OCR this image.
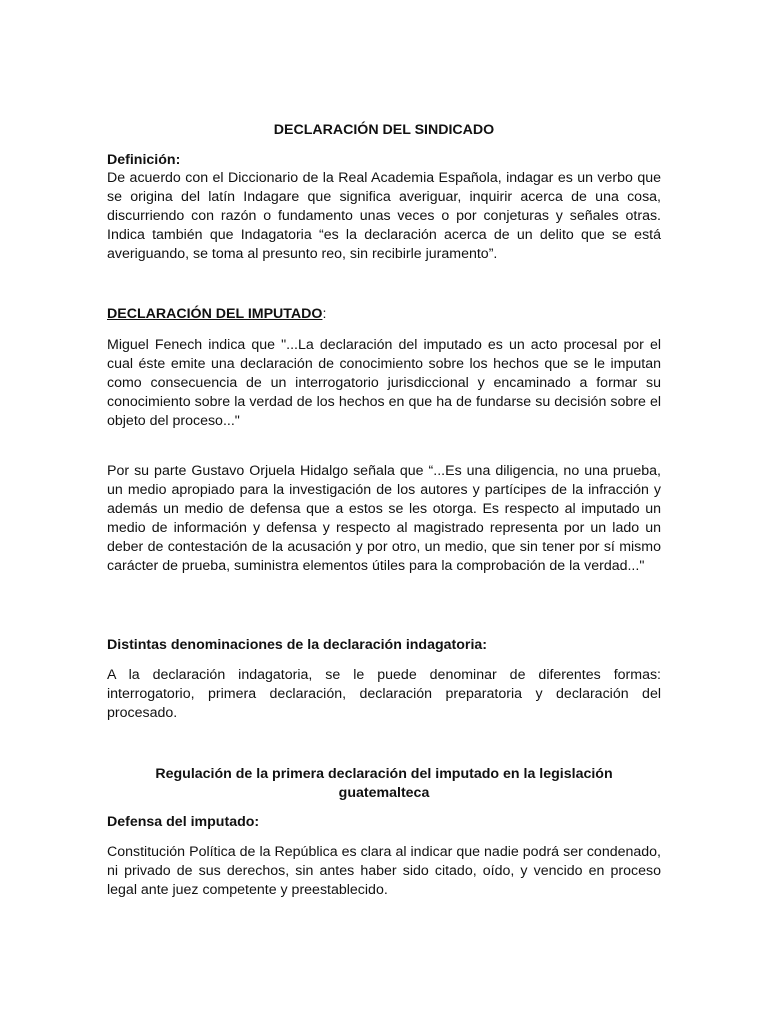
DECLARACIÓN DEL SINDICADO
Definición:

De acuerdo con el Diccionario de la Real Academia Española, indagar es un verbo que se origina del latín Indagare que significa averiguar, inquirir acerca de una cosa, discurriendo con razón o fundamento unas veces o por conjeturas y señales otras. Indica también que Indagatoria “es la declaración acerca de un delito que se está averiguando, se toma al presunto reo, sin recibirle juramento”.

DECLARACIÓN DEL IMPUTADO:

Miguel Fenech indica que "...La declaración del imputado es un acto procesal por el cual éste emite una declaración de conocimiento sobre los hechos que se le imputan como consecuencia de un interrogatorio jurisdiccional y encaminado a formar su conocimiento sobre la verdad de los hechos en que ha de fundarse su decisión sobre el objeto del proceso..."

Por su parte Gustavo Orjuela Hidalgo señala que “...Es una diligencia, no una prueba, un medio apropiado para la investigación de los autores y partícipes de la infracción y además un medio de defensa que a estos se les otorga. Es respecto al imputado un medio de información y defensa y respecto al magistrado representa por un lado un deber de contestación de la acusación y por otro, un medio, que sin tener por sí mismo carácter de prueba, suministra elementos útiles para la comprobación de la verdad..."

Distintas denominaciones de la declaración indagatoria:

A la declaración indagatoria, se le puede denominar de diferentes formas: interrogatorio, primera declaración, declaración preparatoria y declaración del procesado.

Regulación de la primera declaración del imputado en la legislación
guatemalteca
Defensa del imputado:

Constitución Política de la República es clara al indicar que nadie podrá ser condenado, ni privado de sus derechos, sin antes haber sido citado, oído, y vencido en proceso legal ante juez competente y preestablecido.
